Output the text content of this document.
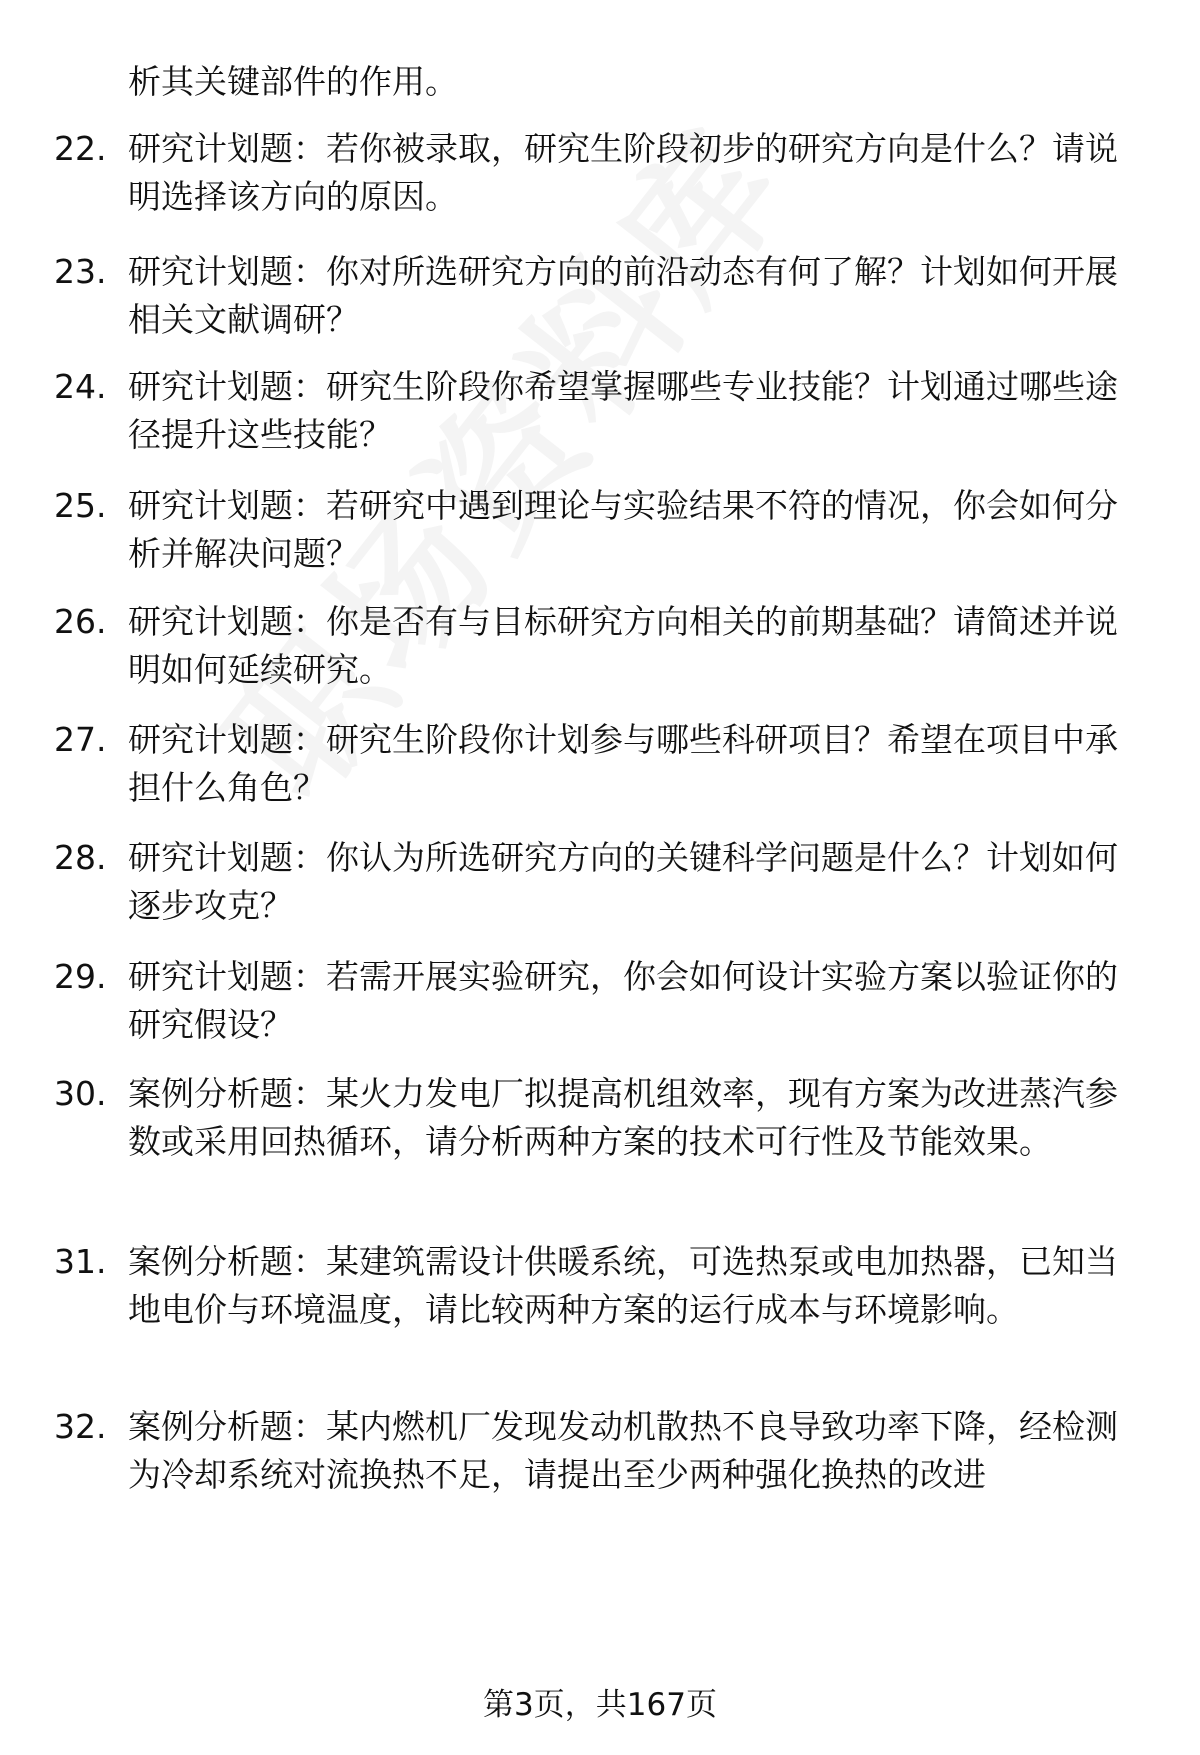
析其关键部件的作用。

22. 研究计划题：若你被录取，研究生阶段初步的研究方向是什么？请说明选择该方向的原因。
23. 研究计划题：你对所选研究方向的前沿动态有何了解？计划如何开展相关文献调研？
24. 研究计划题：研究生阶段你希望掌握哪些专业技能？计划通过哪些途径提升这些技能？
25. 研究计划题：若研究中遇到理论与实验结果不符的情况，你会如何分析并解决问题？
26. 研究计划题：你是否有与目标研究方向相关的前期基础？请简述并说明如何延续研究。
27. 研究计划题：研究生阶段你计划参与哪些科研项目？希望在项目中承担什么角色？
28. 研究计划题：你认为所选研究方向的关键科学问题是什么？计划如何逐步攻克？
29. 研究计划题：若需开展实验研究，你会如何设计实验方案以验证你的研究假设？
30. 案例分析题：某火力发电厂拟提高机组效率，现有方案为改进蒸汽参数或采用回热循环，请分析两种方案的技术可行性及节能效果。
31. 案例分析题：某建筑需设计供暖系统，可选热泵或电加热器，已知当地电价与环境温度，请比较两种方案的运行成本与环境影响。
32. 案例分析题：某内燃机厂发现发动机散热不良导致功率下降，经检测为冷却系统对流换热不足，请提出至少两种强化换热的改进
第3页，共167页
